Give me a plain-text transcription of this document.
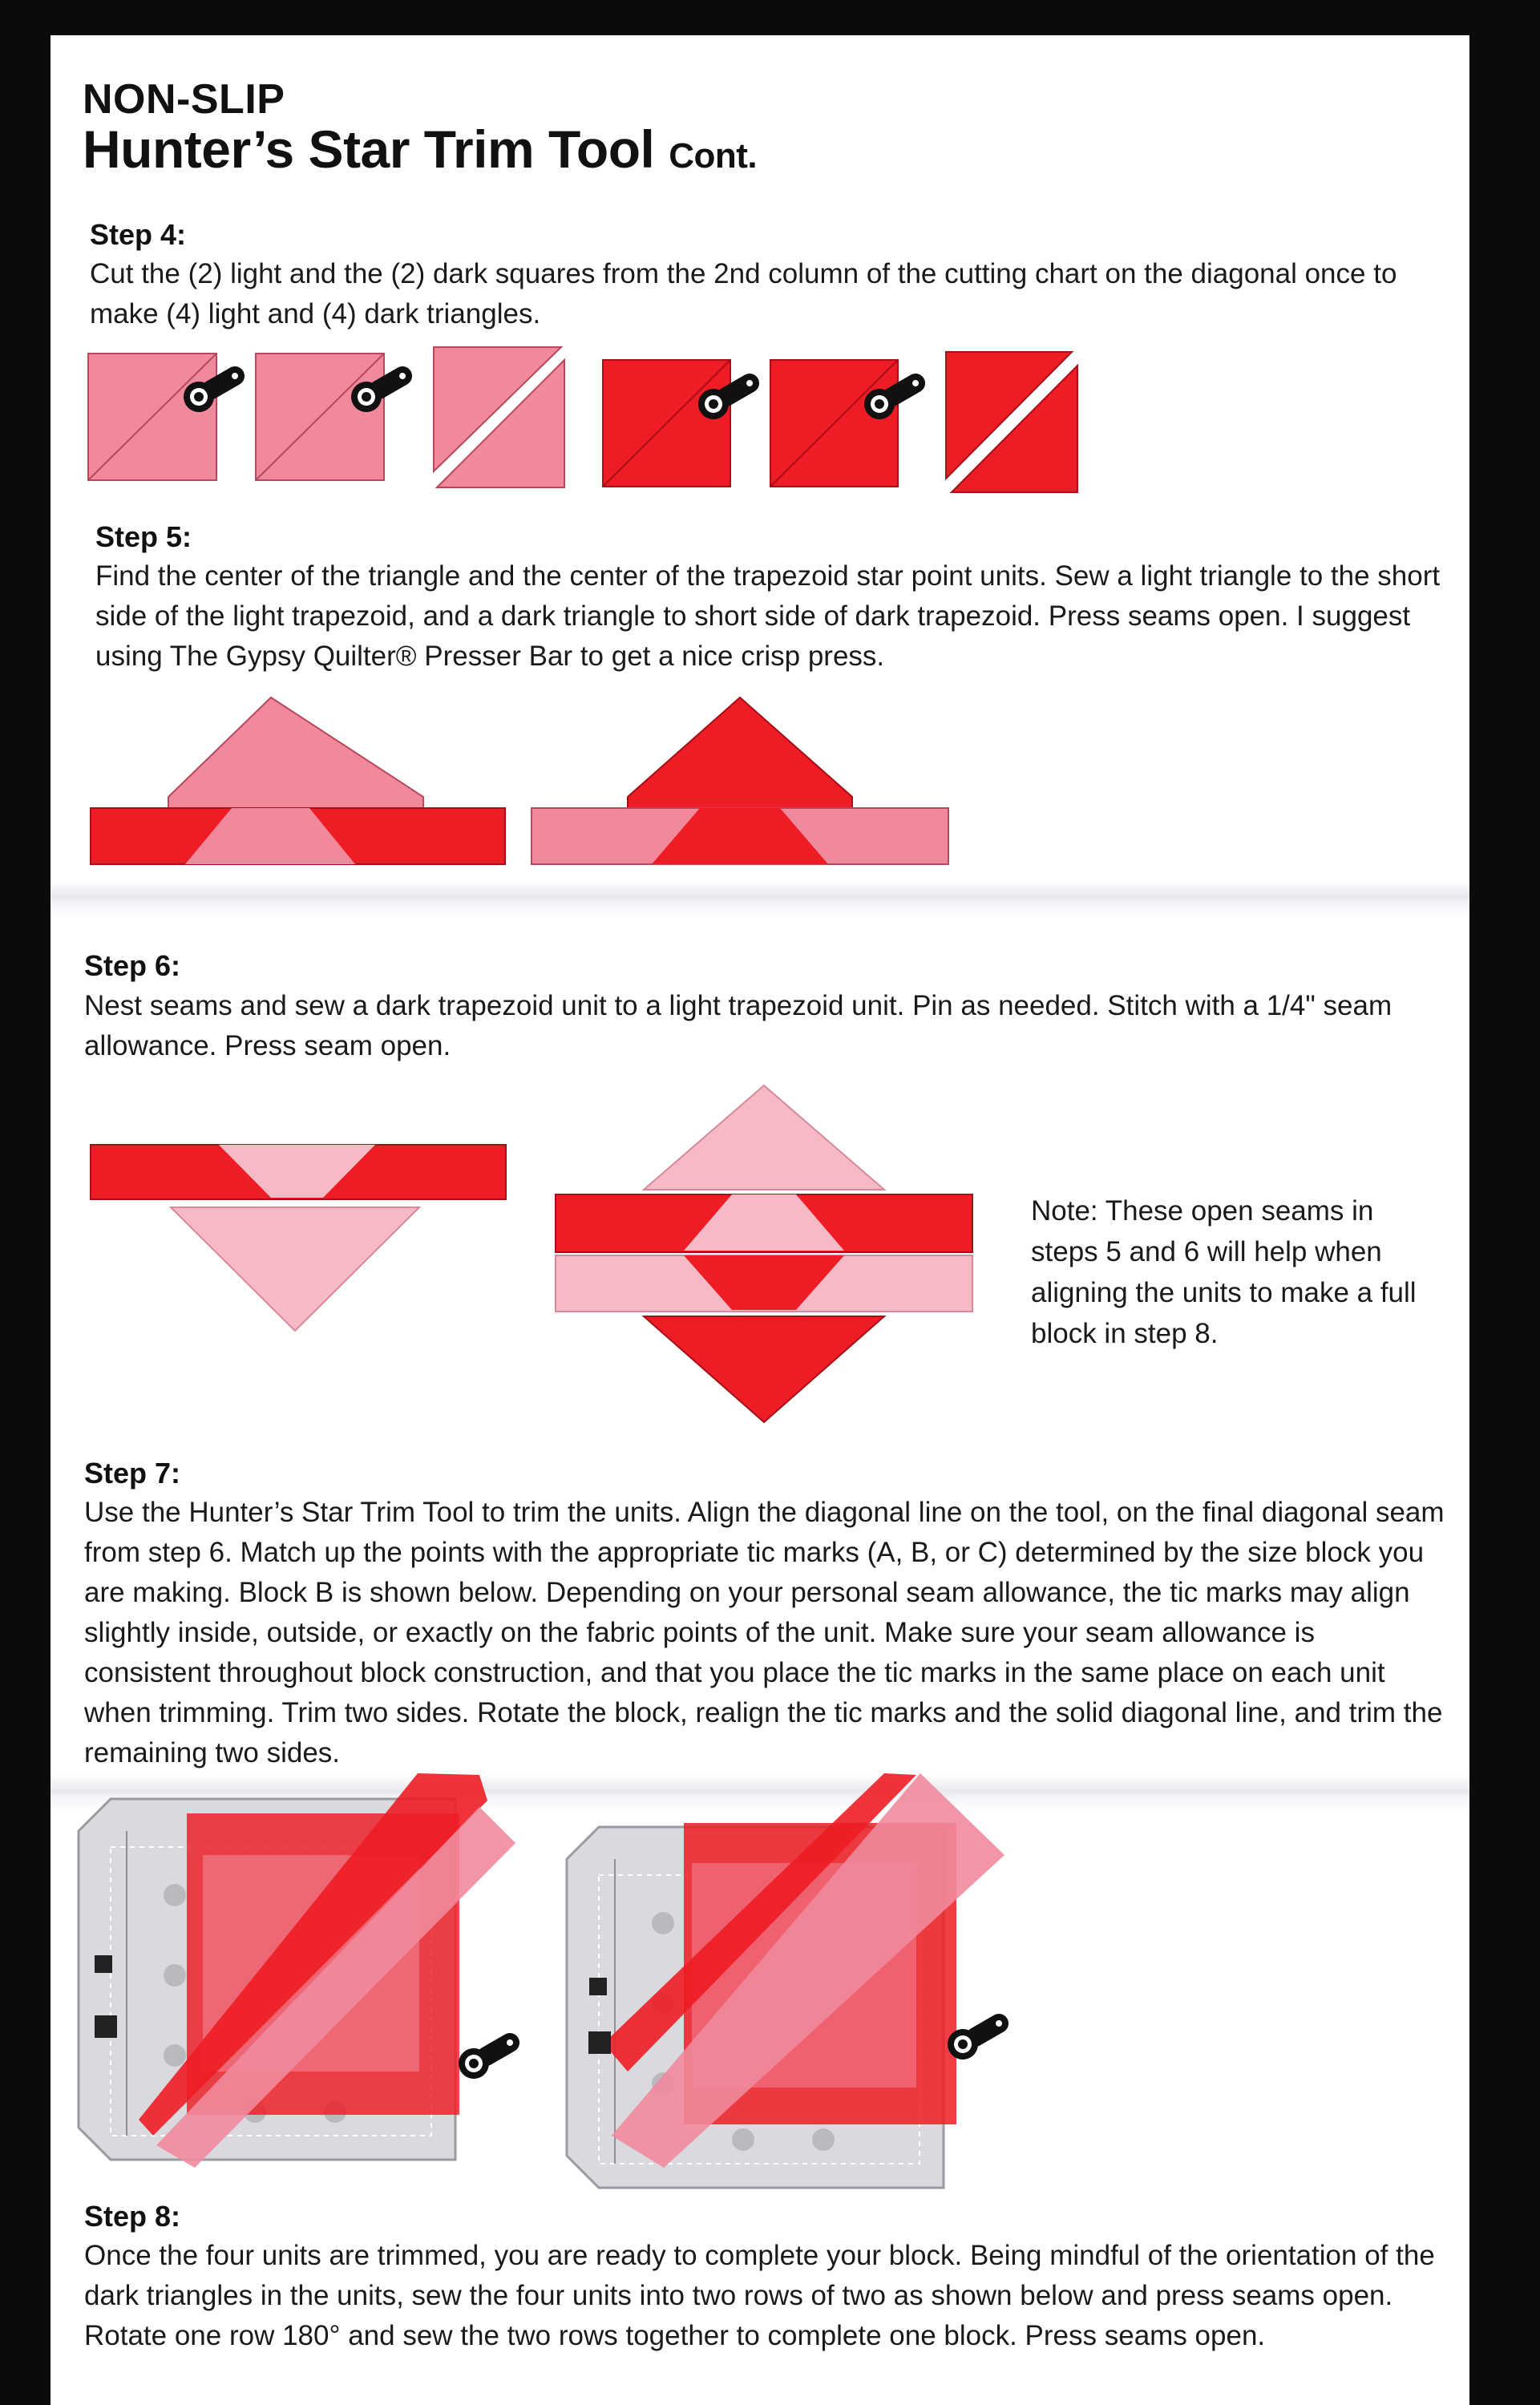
NON-SLIP

Hunter’s Star Trim Tool Cont.

Step 4:

Cut the (2) light and the (2) dark squares from the 2nd column of the cutting chart on the diagonal once to make (4) light and (4) dark triangles.

Step 5:

Find the center of the triangle and the center of the trapezoid star point units. Sew a light triangle to the short side of the light trapezoid, and a dark triangle to short side of dark trapezoid. Press seams open. I suggest using The Gypsy Quilter® Presser Bar to get a nice crisp press.

Step 6:

Nest seams and sew a dark trapezoid unit to a light trapezoid unit. Pin as needed. Stitch with a 1/4" seam allowance. Press seam open.

Note: These open seams in steps 5 and 6 will help when aligning the units to make a full block in step 8.

Step 7:

Use the Hunter’s Star Trim Tool to trim the units. Align the diagonal line on the tool, on the final diagonal seam from step 6. Match up the points with the appropriate tic marks (A, B, or C) determined by the size block you are making. Block B is shown below. Depending on your personal seam allowance, the tic marks may align slightly inside, outside, or exactly on the fabric points of the unit. Make sure your seam allowance is consistent throughout block construction, and that you place the tic marks in the same place on each unit when trimming. Trim two sides. Rotate the block, realign the tic marks and the solid diagonal line, and trim the remaining two sides.

Step 8:

Once the four units are trimmed, you are ready to complete your block. Being mindful of the orientation of the dark triangles in the units, sew the four units into two rows of two as shown below and press seams open. Rotate one row 180° and sew the two rows together to complete one block. Press seams open.
